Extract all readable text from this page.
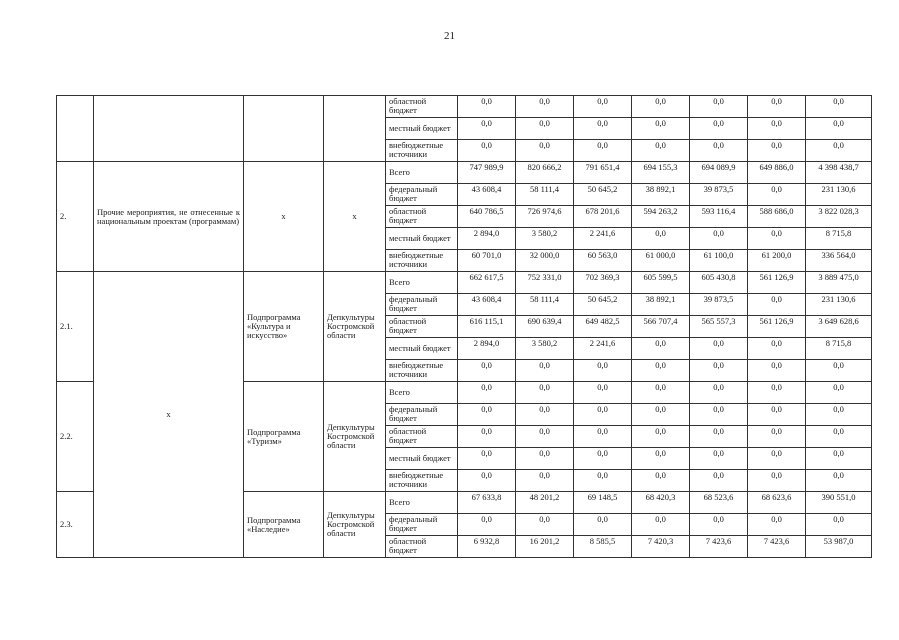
21
				областной бюджет	0,0	0,0	0,0	0,0	0,0	0,0	0,0
				местный бюджет	0,0	0,0	0,0	0,0	0,0	0,0	0,0
				внебюджетные источники	0,0	0,0	0,0	0,0	0,0	0,0	0,0
2.	Прочие мероприятия, не отнесенные к национальным проектам (программам)	х	х	Всего	747 989,9	820 666,2	791 651,4	694 155,3	694 089,9	649 886,0	4 398 438,7
				федеральный бюджет	43 608,4	58 111,4	50 645,2	38 892,1	39 873,5	0,0	231 130,6
				областной бюджет	640 786,5	726 974,6	678 201,6	594 263,2	593 116,4	588 686,0	3 822 028,3
				местный бюджет	2 894,0	3 580,2	2 241,6	0,0	0,0	0,0	8 715,8
				внебюджетные источники	60 701,0	32 000,0	60 563,0	61 000,0	61 100,0	61 200,0	336 564,0
2.1.	х	Подпрограмма «Культура и искусство»	Депкультуры Костромской области	Всего	662 617,5	752 331,0	702 369,3	605 599,5	605 430,8	561 126,9	3 889 475,0
				федеральный бюджет	43 608,4	58 111,4	50 645,2	38 892,1	39 873,5	0,0	231 130,6
				областной бюджет	616 115,1	690 639,4	649 482,5	566 707,4	565 557,3	561 126,9	3 649 628,6
				местный бюджет	2 894,0	3 580,2	2 241,6	0,0	0,0	0,0	8 715,8
				внебюджетные источники	0,0	0,0	0,0	0,0	0,0	0,0	0,0
2.2.		Подпрограмма «Туризм»	Депкультуры Костромской области	Всего	0,0	0,0	0,0	0,0	0,0	0,0	0,0
				федеральный бюджет	0,0	0,0	0,0	0,0	0,0	0,0	0,0
				областной бюджет	0,0	0,0	0,0	0,0	0,0	0,0	0,0
				местный бюджет	0,0	0,0	0,0	0,0	0,0	0,0	0,0
				внебюджетные источники	0,0	0,0	0,0	0,0	0,0	0,0	0,0
2.3.		Подпрограмма «Наследие»	Депкультуры Костромской области	Всего	67 633,8	48 201,2	69 148,5	68 420,3	68 523,6	68 623,6	390 551,0
				федеральный бюджет	0,0	0,0	0,0	0,0	0,0	0,0	0,0
				областной бюджет	6 932,8	16 201,2	8 585,5	7 420,3	7 423,6	7 423,6	53 987,0
